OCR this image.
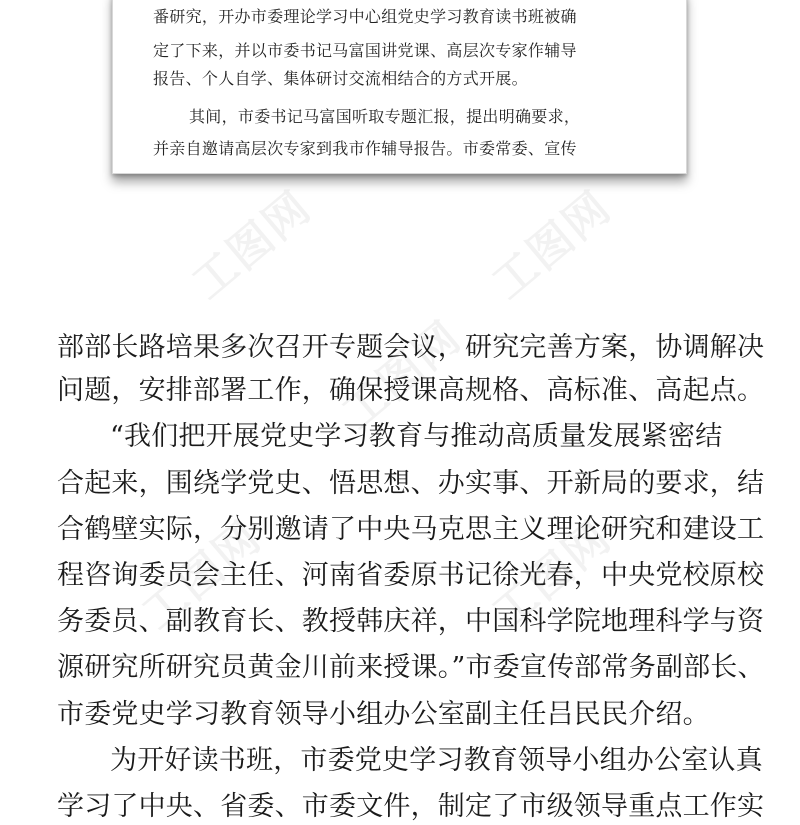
工图网	工图网
工图网
工图网	工图网
番研究，开办市委理论学习中心组党史学习教育读书班被确
定了下来，并以市委书记马富国讲党课、高层次专家作辅导
报告、个人自学、集体研讨交流相结合的方式开展。
其间，市委书记马富国听取专题汇报，提出明确要求，
并亲自邀请高层次专家到我市作辅导报告。市委常委、宣传
部部长路培果多次召开专题会议，研究完善方案，协调解决
问题，安排部署工作，确保授课高规格、高标准、高起点。
“我们把开展党史学习教育与推动高质量发展紧密结
合起来，围绕学党史、悟思想、办实事、开新局的要求，结
合鹤壁实际，分别邀请了中央马克思主义理论研究和建设工
程咨询委员会主任、河南省委原书记徐光春，中央党校原校
务委员、副教育长、教授韩庆祥，中国科学院地理科学与资
源研究所研究员黄金川前来授课。”市委宣传部常务副部长、
市委党史学习教育领导小组办公室副主任吕民民介绍。
为开好读书班，市委党史学习教育领导小组办公室认真
学习了中央、省委、市委文件，制定了市级领导重点工作实
